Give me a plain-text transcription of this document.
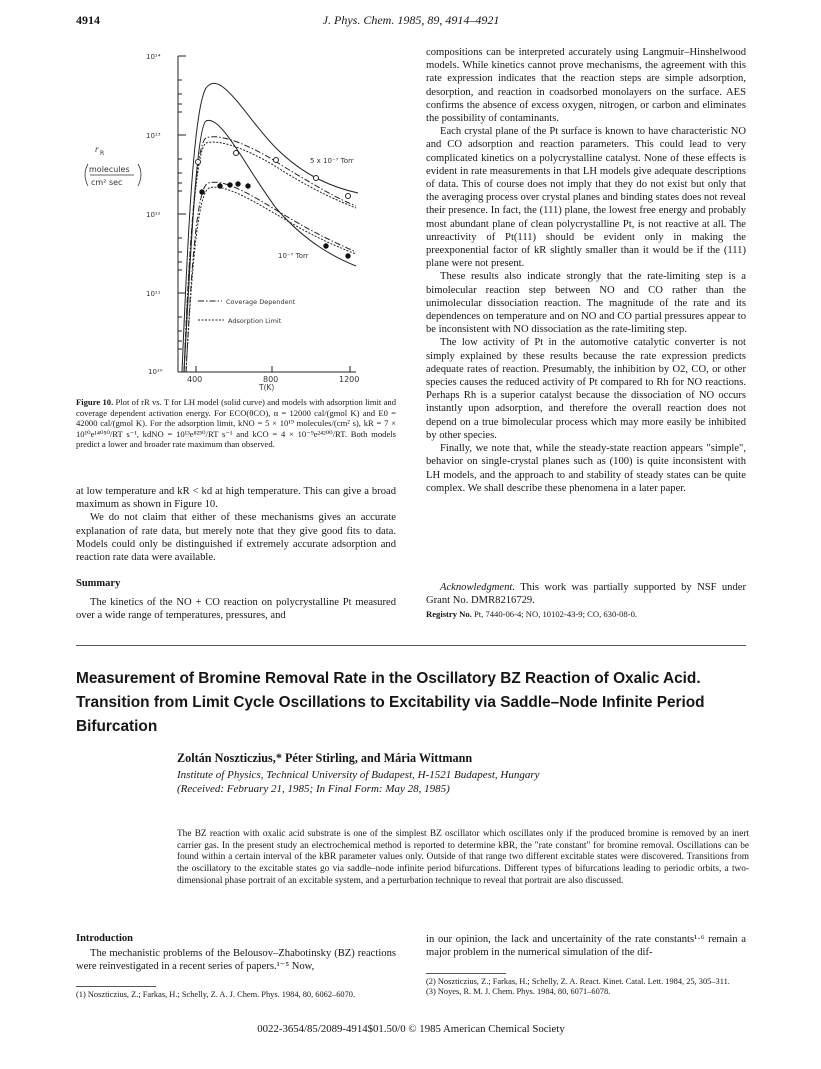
4914	J. Phys. Chem. 1985, 89, 4914–4921
10¹⁴
10¹³
10¹²
10¹¹
10¹⁰
400	800	1200
T(K)
r R
molecules
cm² sec
5 x 10⁻⁷ Torr
10⁻⁷ Torr
Coverage Dependent
Adsorption Limit
Figure 10. Plot of rR vs. T for LH model (solid curve) and models with adsorption limit and coverage dependent activation energy. For ECO(θCO), α = 12000 cal/(gmol K) and E0 = 42000 cal/(gmol K). For the adsorption limit, kNO = 5 × 10¹⁹ molecules/(cm² s), kR = 7 × 10¹⁰e¹⁴⁰⁵⁰/RT s⁻¹, kdNO = 10¹³e⁸²⁵⁰/RT s⁻¹ and kCO = 4 × 10⁻⁹e²⁴²⁰⁰/RT. Both models predict a lower and broader rate maximum than observed.

at low temperature and kR < kd at high temperature. This can give a broad maximum as shown in Figure 10.

We do not claim that either of these mechanisms gives an accurate explanation of rate data, but merely note that they give good fits to data. Models could only be distinguished if extremely accurate adsorption and reaction rate data were available.

Summary

The kinetics of the NO + CO reaction on polycrystalline Pt measured over a wide range of temperatures, pressures, and

compositions can be interpreted accurately using Langmuir–Hinshelwood models. While kinetics cannot prove mechanisms, the agreement with this rate expression indicates that the reaction steps are simple adsorption, desorption, and reaction in coadsorbed monolayers on the surface. AES confirms the absence of excess oxygen, nitrogen, or carbon and eliminates the possibility of contaminants.

Each crystal plane of the Pt surface is known to have characteristic NO and CO adsorption and reaction parameters. This could lead to very complicated kinetics on a polycrystalline catalyst. None of these effects is evident in rate measurements in that LH models give adequate descriptions of data. This of course does not imply that they do not exist but only that the averaging process over crystal planes and binding states does not reveal their presence. In fact, the (111) plane, the lowest free energy and probably most abundant plane of clean polycrystalline Pt, is not reactive at all. The unreactivity of Pt(111) should be evident only in making the preexponential factor of kR slightly smaller than it would be if the (111) plane were not present.

These results also indicate strongly that the rate-limiting step is a bimolecular reaction step between NO and CO rather than the unimolecular dissociation reaction. The magnitude of the rate and its dependences on temperature and on NO and CO partial pressures appear to be inconsistent with NO dissociation as the rate-limiting step.

The low activity of Pt in the automotive catalytic converter is not simply explained by these results because the rate expression predicts adequate rates of reaction. Presumably, the inhibition by O2, CO, or other species causes the reduced activity of Pt compared to Rh for NO reactions. Perhaps Rh is a superior catalyst because the dissociation of NO occurs instantly upon adsorption, and therefore the overall reaction does not depend on a true bimolecular process which may more easily be inhibited by other species.

Finally, we note that, while the steady-state reaction appears "simple", behavior on single-crystal planes such as (100) is quite inconsistent with LH models, and the approach to and stability of steady states can be quite complex. We shall describe these phenomena in a later paper.

Acknowledgment. This work was partially supported by NSF under Grant No. DMR8216729.

Registry No. Pt, 7440-06-4; NO, 10102-43-9; CO, 630-08-0.
Measurement of Bromine Removal Rate in the Oscillatory BZ Reaction of Oxalic Acid. Transition from Limit Cycle Oscillations to Excitability via Saddle–Node Infinite Period Bifurcation
Zoltán Noszticzius,* Péter Stirling, and Mária Wittmann
Institute of Physics, Technical University of Budapest, H-1521 Budapest, Hungary
(Received: February 21, 1985; In Final Form: May 28, 1985)
The BZ reaction with oxalic acid substrate is one of the simplest BZ oscillator which oscillates only if the produced bromine is removed by an inert carrier gas. In the present study an electrochemical method is reported to determine kBR, the "rate constant" for bromine removal. Oscillations can be found within a certain interval of the kBR parameter values only. Outside of that range two different excitable states were discovered. Transitions from the oscillatory to the excitable states go via saddle–node infinite period bifurcations. Different types of bifurcations leading to periodic orbits, a two-dimensional phase portrait of an excitable system, and a perturbation technique to reveal that portrait are also discussed.
Introduction

The mechanistic problems of the Belousov–Zhabotinsky (BZ) reactions were reinvestigated in a recent series of papers.¹⁻⁵ Now,

in our opinion, the lack and uncertainity of the rate constants¹·⁶ remain a major problem in the numerical simulation of the dif-

(1) Noszticzius, Z.; Farkas, H.; Schelly, Z. A. J. Chem. Phys. 1984, 80, 6062–6070.
(2) Noszticzius, Z.; Farkas, H.; Schelly, Z. A. React. Kinet. Catal. Lett. 1984, 25, 305–311.
(3) Noyes, R. M. J. Chem. Phys. 1984, 80, 6071–6078.
0022-3654/85/2089-4914$01.50/0 © 1985 American Chemical Society
